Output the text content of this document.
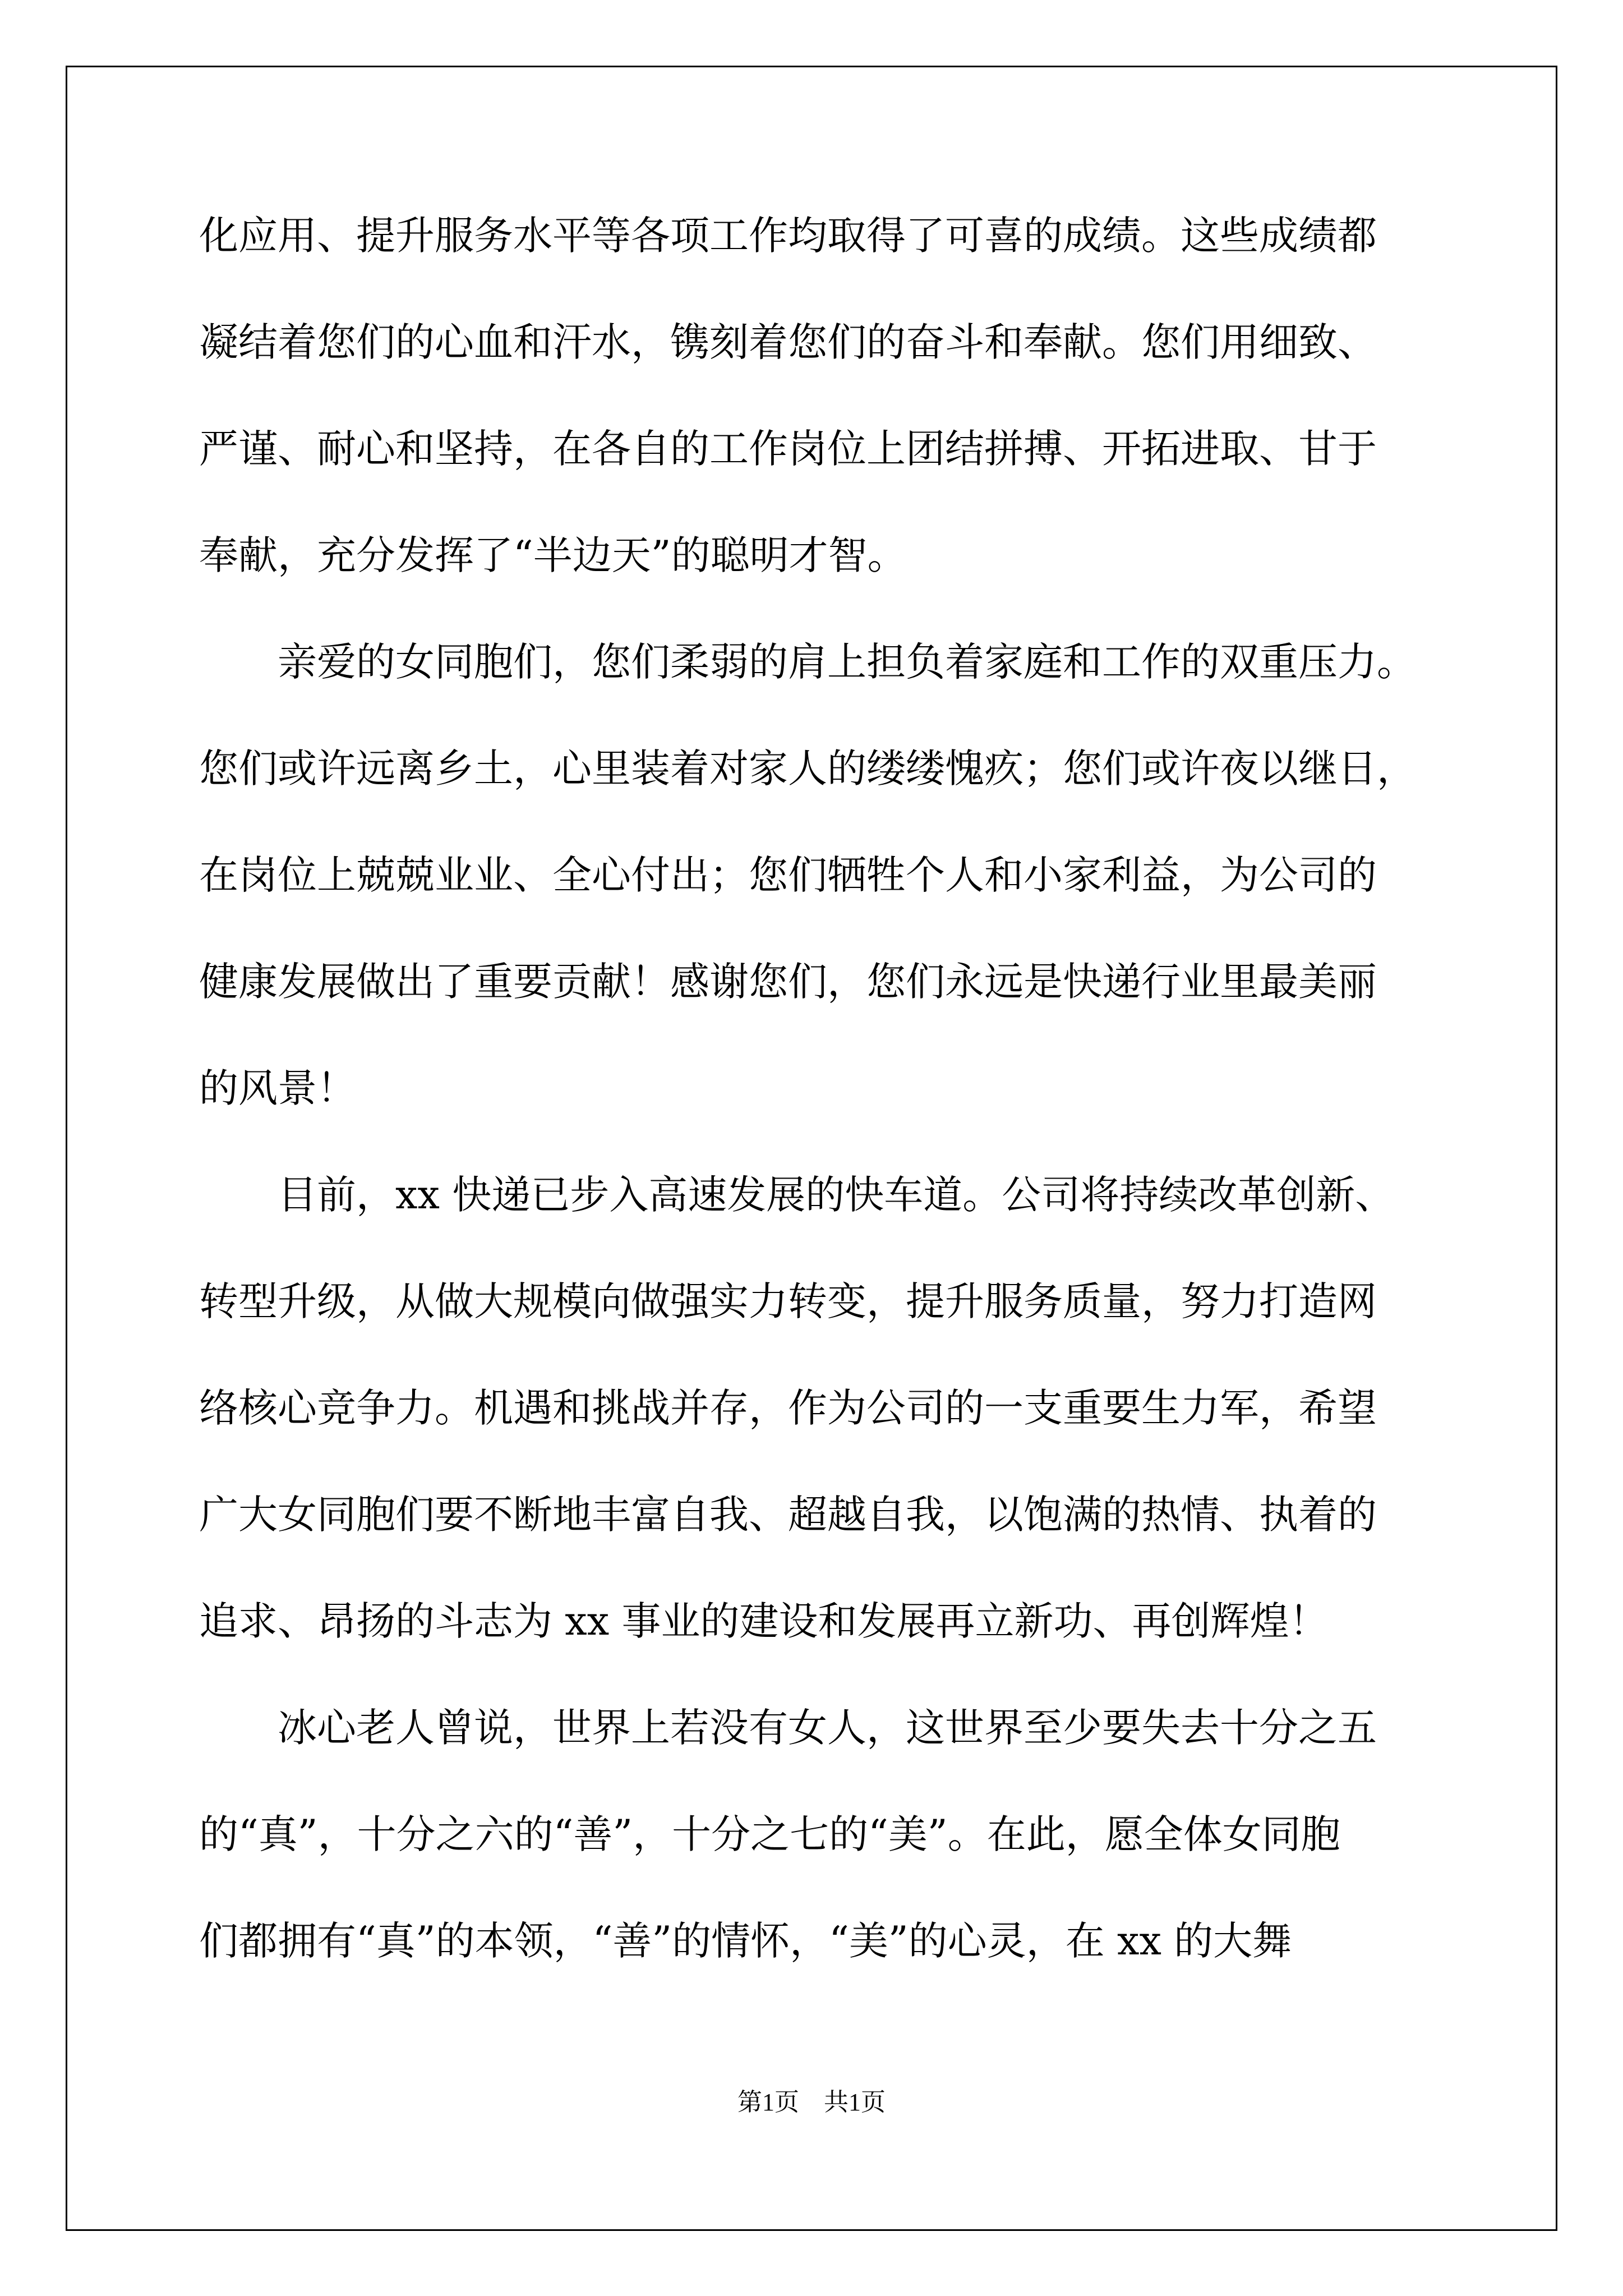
化应用、提升服务水平等各项工作均取得了可喜的成绩。这些成绩都
凝结着您们的心血和汗水，镌刻着您们的奋斗和奉献。您们用细致、
严谨、耐心和坚持，在各自的工作岗位上团结拼搏、开拓进取、甘于
奉献，充分发挥了“半边天”的聪明才智。
亲爱的女同胞们，您们柔弱的肩上担负着家庭和工作的双重压力。
您们或许远离乡土，心里装着对家人的缕缕愧疚；您们或许夜以继日，
在岗位上兢兢业业、全心付出；您们牺牲个人和小家利益，为公司的
健康发展做出了重要贡献！感谢您们，您们永远是快递行业里最美丽
的风景！
目前，xx 快递已步入高速发展的快车道。公司将持续改革创新、
转型升级，从做大规模向做强实力转变，提升服务质量，努力打造网
络核心竞争力。机遇和挑战并存，作为公司的一支重要生力军，希望
广大女同胞们要不断地丰富自我、超越自我，以饱满的热情、执着的
追求、昂扬的斗志为 xx 事业的建设和发展再立新功、再创辉煌！
冰心老人曾说，世界上若没有女人，这世界至少要失去十分之五
的“真”，十分之六的“善”，十分之七的“美”。在此，愿全体女同胞
们都拥有“真”的本领，“善”的情怀，“美”的心灵，在 xx 的大舞
第1页　共1页
